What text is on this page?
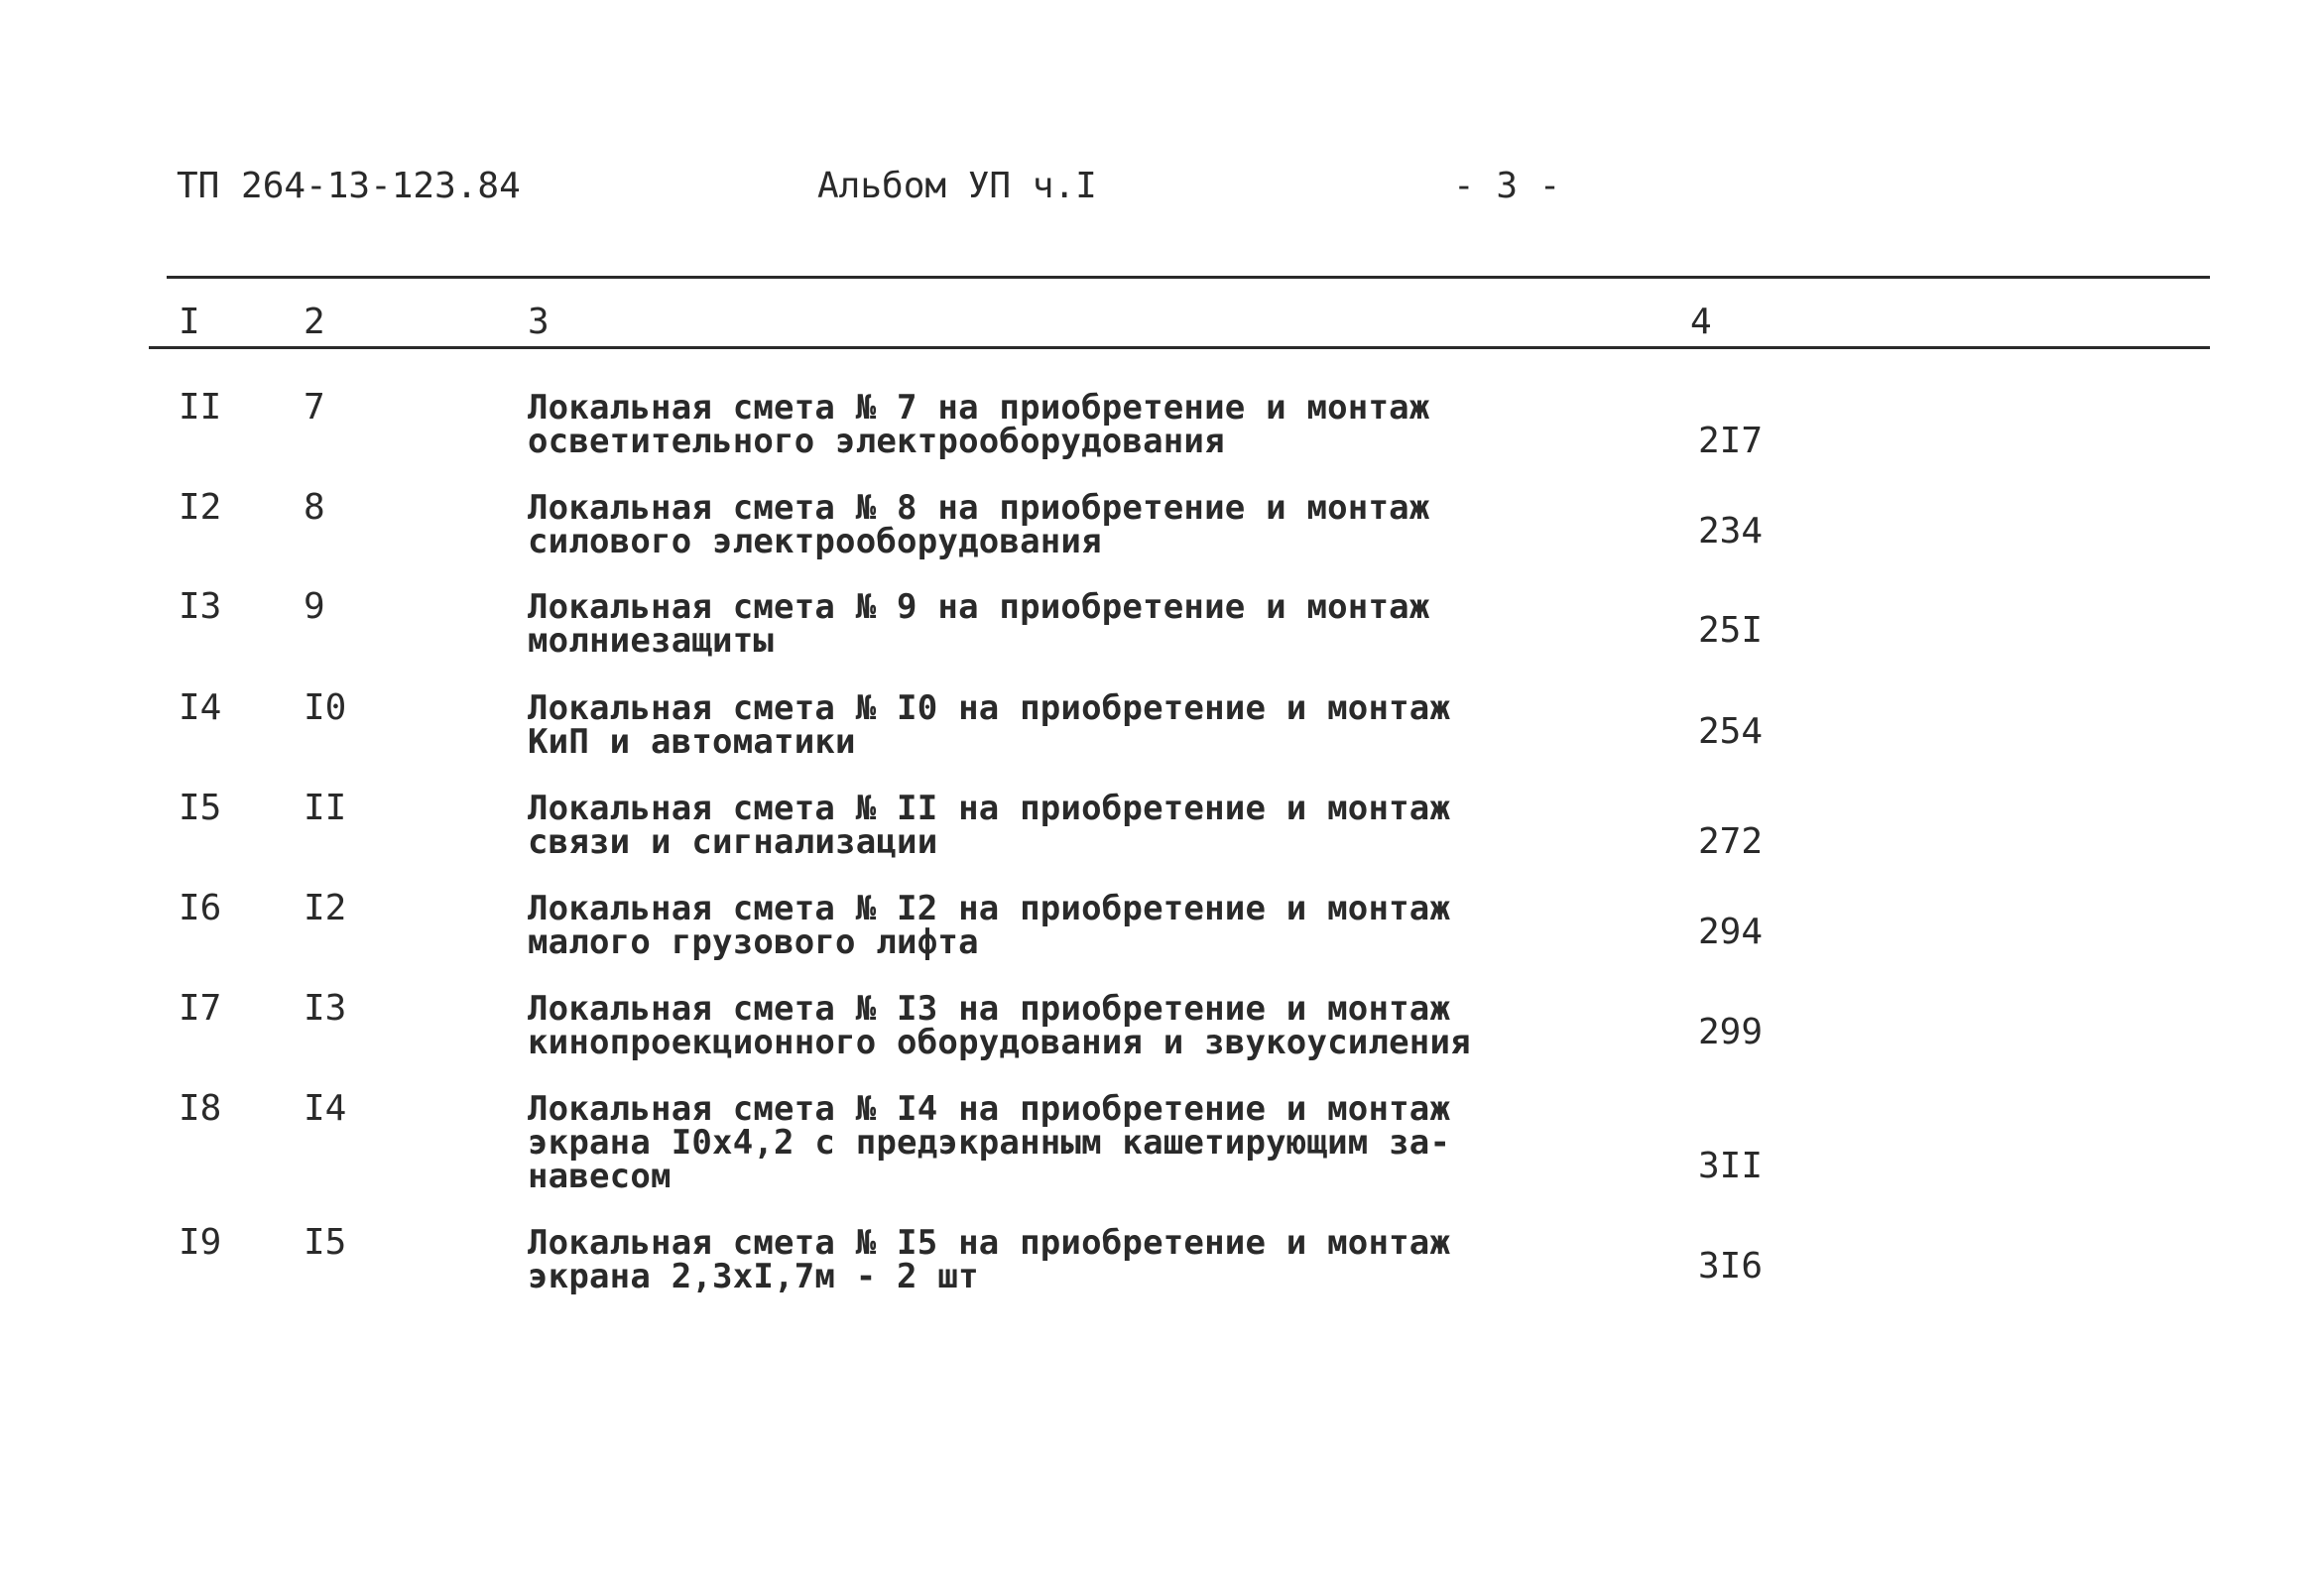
ТП 264-13-123.84	Альбом УП ч.I	- 3 -
I	2	3	4
II 7	Локальная смета № 7 на приобретение и монтаж
осветительного электрооборудования	2I7
I2 8	Локальная смета № 8 на приобретение и монтаж
силового электрооборудования	234
I3 9	Локальная смета № 9 на приобретение и монтаж
молниезащиты	25I
I4 I0	Локальная смета № I0 на приобретение и монтаж
КиП и автоматики	254
I5 II	Локальная смета № II на приобретение и монтаж
связи и сигнализации	272
I6 I2	Локальная смета № I2 на приобретение и монтаж
малого грузового лифта	294
I7 I3	Локальная смета № I3 на приобретение и монтаж
кинопроекционного оборудования и звукоусиления	299
I8 I4	Локальная смета № I4 на приобретение и монтаж
экрана I0х4,2 с предэкранным кашетирующим за-
навесом	3II
I9 I5	Локальная смета № I5 на приобретение и монтаж
экрана 2,3хI,7м - 2 шт	3I6
